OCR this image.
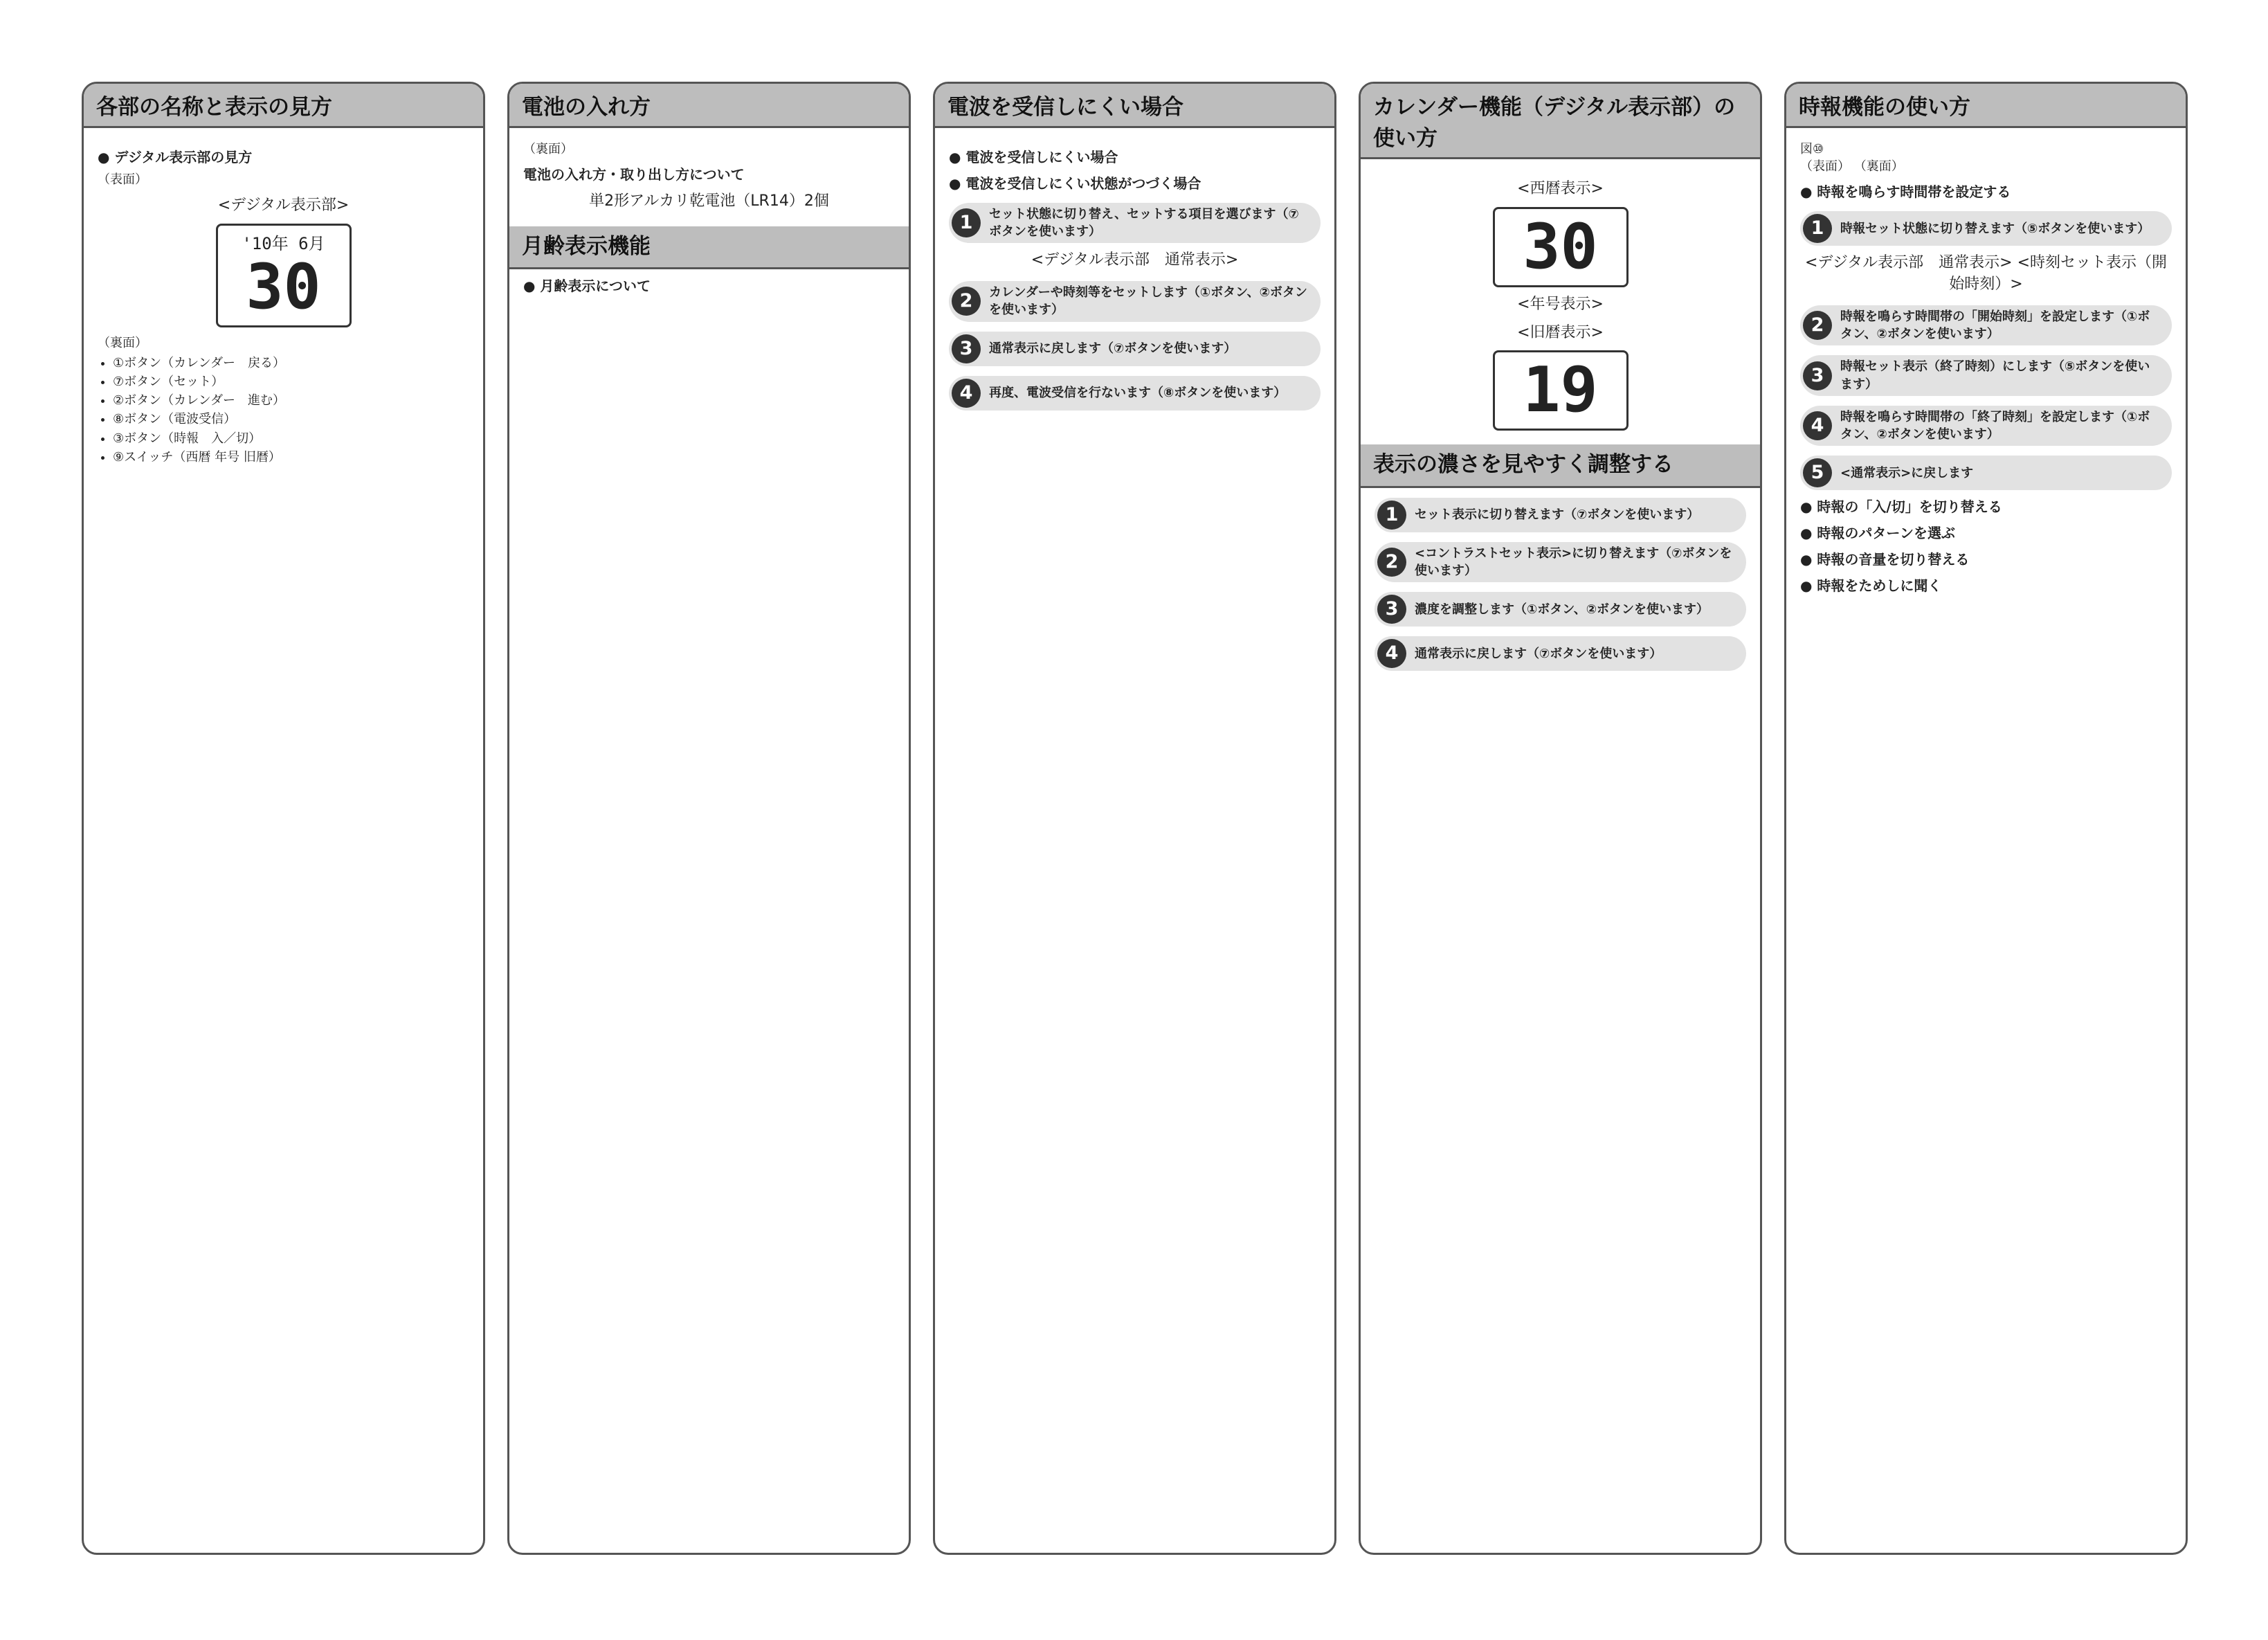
各部の名称と表示の見方
● デジタル表示部の見方
（表面）
<デジタル表示部>
'10年 6月
30
（裏面）
• ①ボタン（カレンダー　戻る）
• ⑦ボタン（セット）
• ②ボタン（カレンダー　進む）
• ⑧ボタン（電波受信）
• ③ボタン（時報　入／切）
• ⑨スイッチ（西暦 年号 旧暦）
電池の入れ方
（裏面）
電池の入れ方・取り出し方について
単2形アルカリ乾電池（LR14）2個
月齢表示機能
● 月齢表示について
電波を受信しにくい場合
● 電波を受信しにくい場合
● 電波を受信しにくい状態がつづく場合
1	セット状態に切り替え、セットする項目を選びます（⑦ボタンを使います）
<デジタル表示部　通常表示>
2	カレンダーや時刻等をセットします（①ボタン、②ボタンを使います）
3	通常表示に戻します（⑦ボタンを使います）
4	再度、電波受信を行ないます（⑧ボタンを使います）
カレンダー機能（デジタル表示部）の使い方
<西暦表示>
30
<年号表示>
<旧暦表示>
19
表示の濃さを見やすく調整する
1	セット表示に切り替えます（⑦ボタンを使います）
2	<コントラストセット表示>に切り替えます（⑦ボタンを使います）
3	濃度を調整します（①ボタン、②ボタンを使います）
4	通常表示に戻します（⑦ボタンを使います）
時報機能の使い方
図⑩
（表面） （裏面）
● 時報を鳴らす時間帯を設定する
1	時報セット状態に切り替えます（⑤ボタンを使います）
<デジタル表示部　通常表示> <時刻セット表示（開始時刻）>
2	時報を鳴らす時間帯の「開始時刻」を設定します（①ボタン、②ボタンを使います）
3	時報セット表示（終了時刻）にします（⑤ボタンを使います）
4	時報を鳴らす時間帯の「終了時刻」を設定します（①ボタン、②ボタンを使います）
5	<通常表示>に戻します
● 時報の「入/切」を切り替える
● 時報のパターンを選ぶ
● 時報の音量を切り替える
● 時報をためしに聞く
